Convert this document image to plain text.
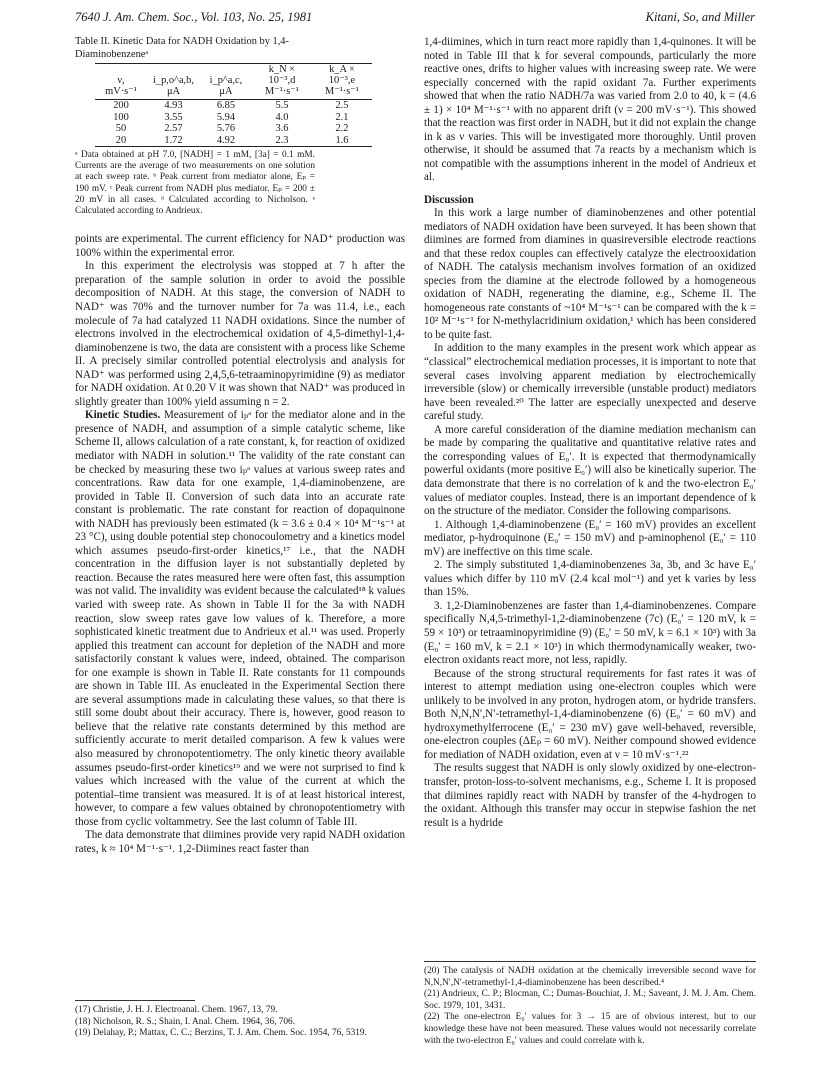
7640 J. Am. Chem. Soc., Vol. 103, No. 25, 1981	Kitani, So, and Miller

Table II. Kinetic Data for NADH Oxidation by 1,4-Diaminobenzeneᵃ

ν, mV·s⁻¹	i_p,o^a,b, μA	i_p^a,c, μA	k_N × 10⁻³,d M⁻¹·s⁻¹	k_A × 10⁻³,e M⁻¹·s⁻¹

200	4.93	6.85	5.5	2.5
100	3.55	5.94	4.0	2.1
50	2.57	5.76	3.6	2.2
20	1.72	4.92	2.3	1.6

ᵃ Data obtained at pH 7.0, [NADH] = 1 mM, [3a] = 0.1 mM. Currents are the average of two measurements on one solution at each sweep rate. ᵇ Peak current from mediator alone, Eₚ = 190 mV. ᶜ Peak current from NADH plus mediator. Eₚ = 200 ± 20 mV in all cases. ᵈ Calculated according to Nicholson. ᵉ Calculated according to Andrieux.

points are experimental. The current efficiency for NAD⁺ production was 100% within the experimental error.

In this experiment the electrolysis was stopped at 7 h after the preparation of the sample solution in order to avoid the possible decomposition of NADH. At this stage, the conversion of NADH to NAD⁺ was 70% and the turnover number for 7a was 11.4, i.e., each molecule of 7a had catalyzed 11 NADH oxidations. Since the number of electrons involved in the electrochemical oxidation of 4,5-dimethyl-1,4-diaminobenzene is two, the data are consistent with a process like Scheme II. A precisely similar controlled potential electrolysis and analysis for NAD⁺ was performed using 2,4,5,6-tetraaminopyrimidine (9) as mediator for NADH oxidation. At 0.20 V it was shown that NAD⁺ was produced in slightly greater than 100% yield assuming n = 2.

Kinetic Studies. Measurement of iₚᵃ for the mediator alone and in the presence of NADH, and assumption of a simple catalytic scheme, like Scheme II, allows calculation of a rate constant, k, for reaction of oxidized mediator with NADH in solution.¹¹ The validity of the rate constant can be checked by measuring these two iₚᵃ values at various sweep rates and concentrations. Raw data for one example, 1,4-diaminobenzene, are provided in Table II. Conversion of such data into an accurate rate constant is problematic. The rate constant for reaction of dopaquinone with NADH has previously been estimated (k = 3.6 ± 0.4 × 10⁴ M⁻¹s⁻¹ at 23 °C), using double potential step chonocoulometry and a kinetics model which assumes pseudo-first-order kinetics,¹⁷ i.e., that the NADH concentration in the diffusion layer is not substantially depleted by reaction. Because the rates measured here were often fast, this assumption was not valid. The invalidity was evident because the calculated¹⁸ k values varied with sweep rate. As shown in Table II for the 3a with NADH reaction, slow sweep rates gave low values of k. Therefore, a more sophisticated kinetic treatment due to Andrieux et al.¹¹ was used. Properly applied this treatment can account for depletion of the NADH and more satisfactorily constant k values were, indeed, obtained. The comparison for one example is shown in Table II. Rate constants for 11 compounds are shown in Table III. As enucleated in the Experimental Section there are several assumptions made in calculating these values, so that there is still some doubt about their accuracy. There is, however, good reason to believe that the relative rate constants determined by this method are sufficiently accurate to merit detailed comparison. A few k values were also measured by chronopotentiometry. The only kinetic theory available assumes pseudo-first-order kinetics¹⁹ and we were not surprised to find k values which increased with the value of the current at which the potential–time transient was measured. It is of at least historical interest, however, to compare a few values obtained by chronopotentiometry with those from cyclic voltammetry. See the last column of Table III.

The data demonstrate that diimines provide very rapid NADH oxidation rates, k ≈ 10⁴ M⁻¹·s⁻¹. 1,2-Diimines react faster than

1,4-diimines, which in turn react more rapidly than 1,4-quinones. It will be noted in Table III that k for several compounds, particularly the more reactive ones, drifts to higher values with increasing sweep rate. We were especially concerned with the rapid oxidant 7a. Further experiments showed that when the ratio NADH/7a was varied from 2.0 to 40, k = (4.6 ± 1) × 10⁴ M⁻¹·s⁻¹ with no apparent drift (ν = 200 mV·s⁻¹). This showed that the reaction was first order in NADH, but it did not explain the change in k as ν varies. This will be investigated more thoroughly. Until proven otherwise, it should be assumed that 7a reacts by a mechanism which is not compatible with the assumptions inherent in the model of Andrieux et al.

Discussion

In this work a large number of diaminobenzenes and other potential mediators of NADH oxidation have been surveyed. It has been shown that diimines are formed from diamines in quasireversible electrode reactions and that these redox couples can effectively catalyze the electrooxidation of NADH. The catalysis mechanism involves formation of an oxidized species from the diamine at the electrode followed by a homogeneous oxidation of NADH, regenerating the diamine, e.g., Scheme II. The homogeneous rate constants of ~10⁴ M⁻¹s⁻¹ can be compared with the k = 10² M⁻¹s⁻¹ for N-methylacridinium oxidation,¹ which has been considered to be quite fast.

In addition to the many examples in the present work which appear as “classical” electrochemical mediation processes, it is important to note that several cases involving apparent mediation by electrochemically irreversible (slow) or chemically irreversible (unstable product) mediators have been revealed.²⁰ The latter are especially unexpected and deserve careful study.

A more careful consideration of the diamine mediation mechanism can be made by comparing the qualitative and quantitative relative rates and the corresponding values of E₀′. It is expected that thermodynamically powerful oxidants (more positive E₀′) will also be kinetically superior. The data demonstrate that there is no correlation of k and the two-electron E₀′ values of mediator couples. Instead, there is an important dependence of k on the structure of the mediator. Consider the following comparisons.

1. Although 1,4-diaminobenzene (E₀′ = 160 mV) provides an excellent mediator, p-hydroquinone (E₀′ = 150 mV) and p-aminophenol (E₀′ = 110 mV) are ineffective on this time scale.

2. The simply substituted 1,4-diaminobenzenes 3a, 3b, and 3c have E₀′ values which differ by 110 mV (2.4 kcal mol⁻¹) and yet k varies by less than 15%.

3. 1,2-Diaminobenzenes are faster than 1,4-diaminobenzenes. Compare specifically N,4,5-trimethyl-1,2-diaminobenzene (7c) (E₀′ = 120 mV, k = 59 × 10³) or tetraaminopyrimidine (9) (E₀′ = 50 mV, k = 6.1 × 10³) with 3a (E₀′ = 160 mV, k = 2.1 × 10³) in which thermodynamically weaker, two-electron oxidants react more, not less, rapidly.

Because of the strong structural requirements for fast rates it was of interest to attempt mediation using one-electron couples which were unlikely to be involved in any proton, hydrogen atom, or hydride transfers. Both N,N,N′,N′-tetramethyl-1,4-diaminobenzene (6) (E₀′ = 60 mV) and hydroxymethylferrocene (E₀′ = 230 mV) gave well-behaved, reversible, one-electron couples (ΔEₚ = 60 mV). Neither compound showed evidence for mediation of NADH oxidation, even at ν = 10 mV·s⁻¹.²²

The results suggest that NADH is only slowly oxidized by one-electron-transfer, proton-loss-to-solvent mechanisms, e.g., Scheme I. It is proposed that diimines rapidly react with NADH by transfer of the 4-hydrogen to the oxidant. Although this transfer may occur in stepwise fashion the net result is a hydride

(17) Christie, J. H. J. Electroanal. Chem. 1967, 13, 79.
(18) Nicholson, R. S.; Shain, I. Anal. Chem. 1964, 36, 706.
(19) Delahay, P.; Mattax, C. C.; Berzins, T. J. Am. Chem. Soc. 1954, 76, 5319.
(20) The catalysis of NADH oxidation at the chemically irreversible second wave for N,N,N′,N′-tetramethyl-1,4-diaminobenzene has been described.⁴
(21) Andrieux, C. P.; Blocman, C.; Dumas-Bouchiat, J. M.; Saveant, J. M. J. Am. Chem. Soc. 1979, 101, 3431.
(22) The one-electron E₀′ values for 3 → 15 are of obvious interest, but to our knowledge these have not been measured. These values would not necessarily correlate with the two-electron E₀′ values and could correlate with k.
